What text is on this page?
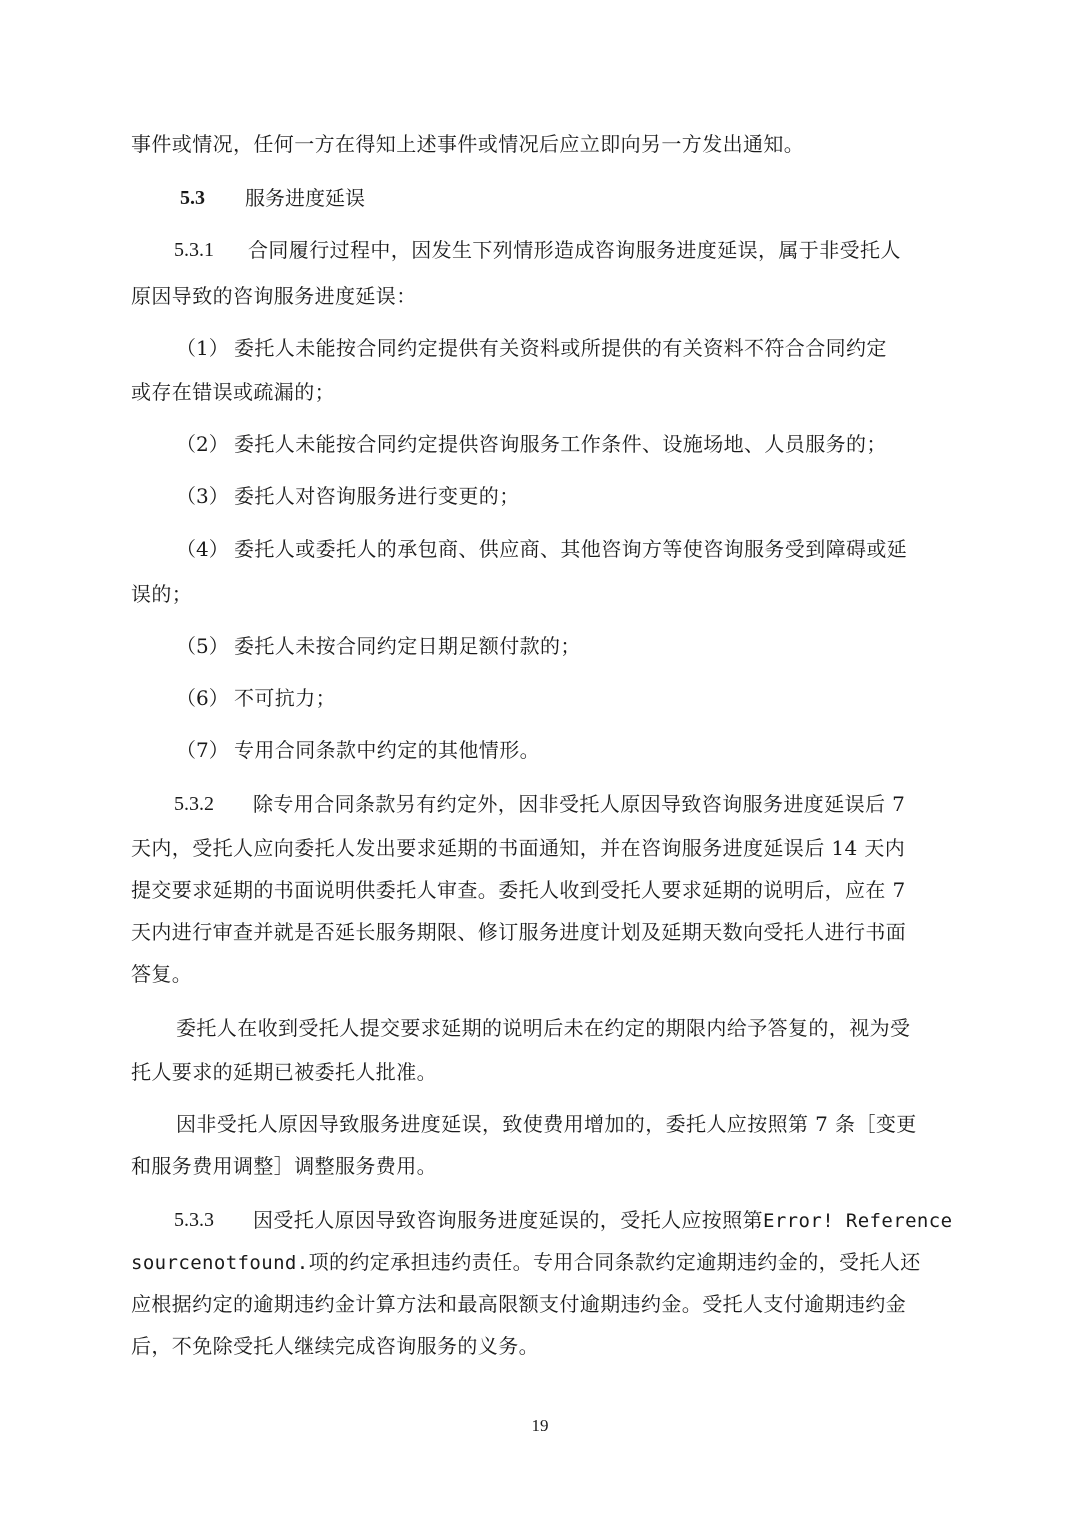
事件或情况，任何一方在得知上述事件或情况后应立即向另一方发出通知。
5.3 服务进度延误
5.3.1 合同履行过程中，因发生下列情形造成咨询服务进度延误，属于非受托人
原因导致的咨询服务进度延误：
（1） 委托人未能按合同约定提供有关资料或所提供的有关资料不符合合同约定
或存在错误或疏漏的；
（2） 委托人未能按合同约定提供咨询服务工作条件、设施场地、人员服务的；
（3） 委托人对咨询服务进行变更的；
（4） 委托人或委托人的承包商、供应商、其他咨询方等使咨询服务受到障碍或延
误的；
（5） 委托人未按合同约定日期足额付款的；
（6） 不可抗力；
（7） 专用合同条款中约定的其他情形。
5.3.2 除专用合同条款另有约定外，因非受托人原因导致咨询服务进度延误后 7
天内，受托人应向委托人发出要求延期的书面通知，并在咨询服务进度延误后 14 天内
提交要求延期的书面说明供委托人审查。委托人收到受托人要求延期的说明后，应在 7
天内进行审查并就是否延长服务期限、修订服务进度计划及延期天数向受托人进行书面
答复。
委托人在收到受托人提交要求延期的说明后未在约定的期限内给予答复的，视为受
托人要求的延期已被委托人批准。
因非受托人原因导致服务进度延误，致使费用增加的，委托人应按照第 7 条［变更
和服务费用调整］调整服务费用。
5.3.3 因受托人原因导致咨询服务进度延误的，受托人应按照第Error! Reference
sourcenotfound.项的约定承担违约责任。专用合同条款约定逾期违约金的，受托人还
应根据约定的逾期违约金计算方法和最高限额支付逾期违约金。受托人支付逾期违约金
后，不免除受托人继续完成咨询服务的义务。
19
